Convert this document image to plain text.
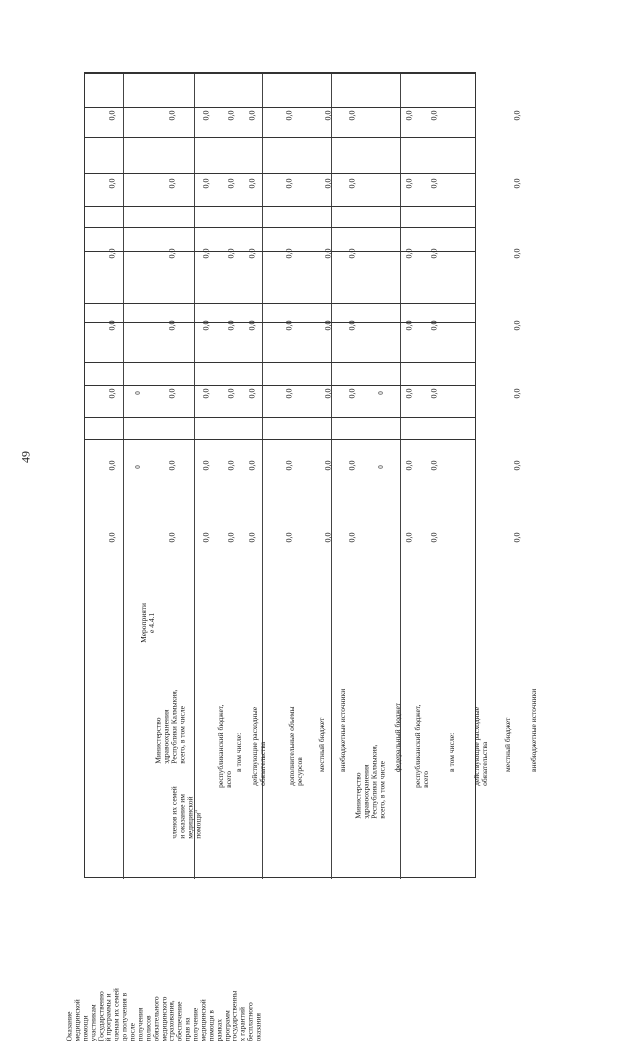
49
Мероприяти
е 4.4.1
членов их семей
и оказание им
медицинской
помощи"
Оказание
медицинской
помощи
участникам
Государственно
й программы и
членам их семей
до получения в
после
получения
полисов
обязательного
медицинского
страхования,
обеспечение
прав на
получение
медицинской
помощи в
рамках
программ
государственны
х гарантий
бесплатного
оказания
Министерство
здравоохранения
Республики Калмыкия,
всего, в том числе
республиканский бюджет,
всего
в том числе: действующие расходные
обязательства	дополнительные объемы
ресурсов местный бюджет внебюджетные источники
Министерство
здравоохранения
Республики Калмыкия,
всего, в том числе федеральный бюджет республиканский бюджет,
всего
в том числе: действующие расходные
обязательства местный бюджет внебюджетные источники
0,0
0,0
0,0
0,0
0,0
0,0
0,0
0
0
0,0
0,0
0,0
0,0
0,0
0,0
0,0
0,0
0,0
0,0
0,0
0,0
0,0
0,0
0,0
0,0
0,0
0,0
0,0
0,0
0,0
0,0
0,0
0,0
0,0
0,0
0,0
0,0
0,0
0,0
0,0
0,0
0,0
0,0
0,0
0,0
0,0
0,0
0,0
0,0
0,0
0,0
0,0
0,0
0,0
0,0
0,0
0,0
0,0
0
0
0,0
0,0
0,0
0,0
0,0
0,0
0,0
0,0
0,0
0,0
0,0
0,0
0,0
0,0
0,0
0,0
0,0
0,0
0,0
0,0
0,0
